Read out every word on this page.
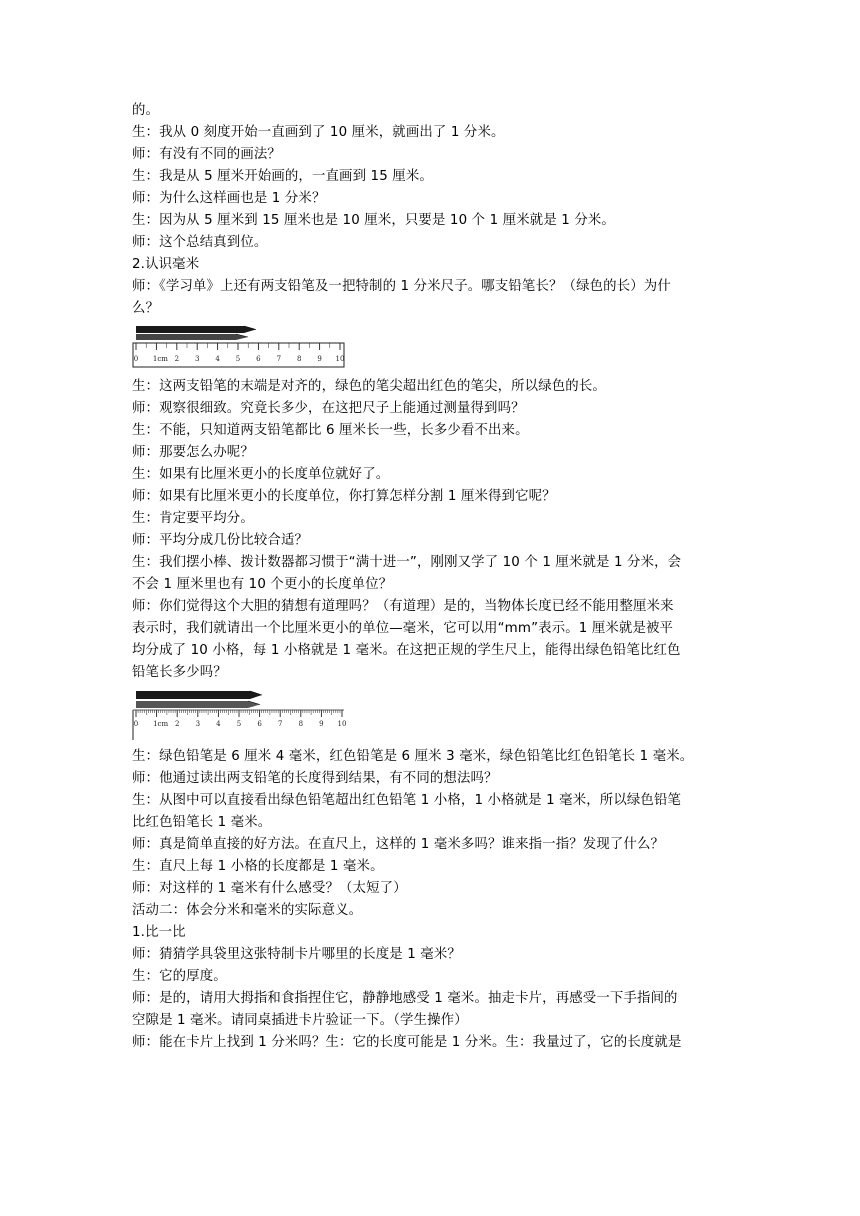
的。
生：我从 0 刻度开始一直画到了 10 厘米，就画出了 1 分米。
师：有没有不同的画法？
生：我是从 5 厘米开始画的，一直画到 15 厘米。
师：为什么这样画也是 1 分米？
生：因为从 5 厘米到 15 厘米也是 10 厘米，只要是 10 个 1 厘米就是 1 分米。
师：这个总结真到位。
2.认识毫米
师：《学习单》上还有两支铅笔及一把特制的 1 分米尺子。哪支铅笔长？（绿色的长）为什
么？
0 1cm 2 3 4 5 6 7 8 9 10
生：这两支铅笔的末端是对齐的，绿色的笔尖超出红色的笔尖，所以绿色的长。
师：观察很细致。究竟长多少，在这把尺子上能通过测量得到吗？
生：不能，只知道两支铅笔都比 6 厘米长一些，长多少看不出来。
师：那要怎么办呢？
生：如果有比厘米更小的长度单位就好了。
师：如果有比厘米更小的长度单位，你打算怎样分割 1 厘米得到它呢？
生：肯定要平均分。
师：平均分成几份比较合适？
生：我们摆小棒、拨计数器都习惯于“满十进一”，刚刚又学了 10 个 1 厘米就是 1 分米，会
不会 1 厘米里也有 10 个更小的长度单位？
师：你们觉得这个大胆的猜想有道理吗？（有道理）是的，当物体长度已经不能用整厘米来
表示时，我们就请出一个比厘米更小的单位—毫米，它可以用“mm”表示。1 厘米就是被平
均分成了 10 小格，每 1 小格就是 1 毫米。在这把正规的学生尺上，能得出绿色铅笔比红色
铅笔长多少吗？
0 1cm 2 3 4 5 6 7 8 9 10
生：绿色铅笔是 6 厘米 4 毫米，红色铅笔是 6 厘米 3 毫米，绿色铅笔比红色铅笔长 1 毫米。
师：他通过读出两支铅笔的长度得到结果，有不同的想法吗？
生：从图中可以直接看出绿色铅笔超出红色铅笔 1 小格，1 小格就是 1 毫米，所以绿色铅笔
比红色铅笔长 1 毫米。
师：真是简单直接的好方法。在直尺上，这样的 1 毫米多吗？谁来指一指？发现了什么？
生：直尺上每 1 小格的长度都是 1 毫米。
师：对这样的 1 毫米有什么感受？（太短了）
活动二：体会分米和毫米的实际意义。
1.比一比
师：猜猜学具袋里这张特制卡片哪里的长度是 1 毫米？
生：它的厚度。
师：是的，请用大拇指和食指捏住它，静静地感受 1 毫米。抽走卡片，再感受一下手指间的
空隙是 1 毫米。请同桌插进卡片验证一下。（学生操作）
师：能在卡片上找到 1 分米吗？生：它的长度可能是 1 分米。生：我量过了，它的长度就是
